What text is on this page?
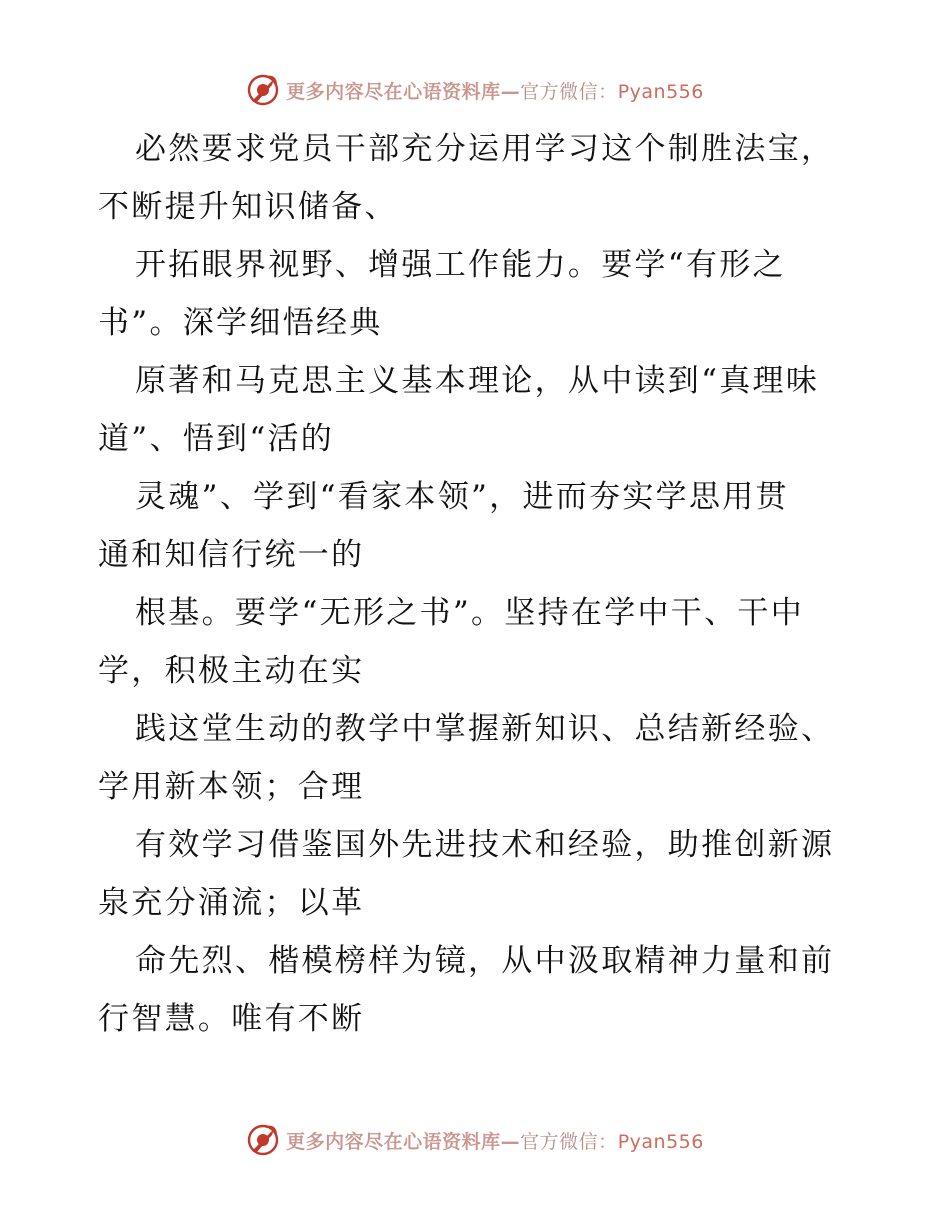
更多内容尽在心语资料库—官方微信：Pyan556
必然要求党员干部充分运用学习这个制胜法宝，
不断提升知识储备、
开拓眼界视野、增强工作能力。要学“有形之
书”。深学细悟经典
原著和马克思主义基本理论，从中读到“真理味
道”、悟到“活的
灵魂”、学到“看家本领”，进而夯实学思用贯
通和知信行统一的
根基。要学“无形之书”。坚持在学中干、干中
学，积极主动在实
践这堂生动的教学中掌握新知识、总结新经验、
学用新本领；合理
有效学习借鉴国外先进技术和经验，助推创新源
泉充分涌流；以革
命先烈、楷模榜样为镜，从中汲取精神力量和前
行智慧。唯有不断
更多内容尽在心语资料库—官方微信：Pyan556
